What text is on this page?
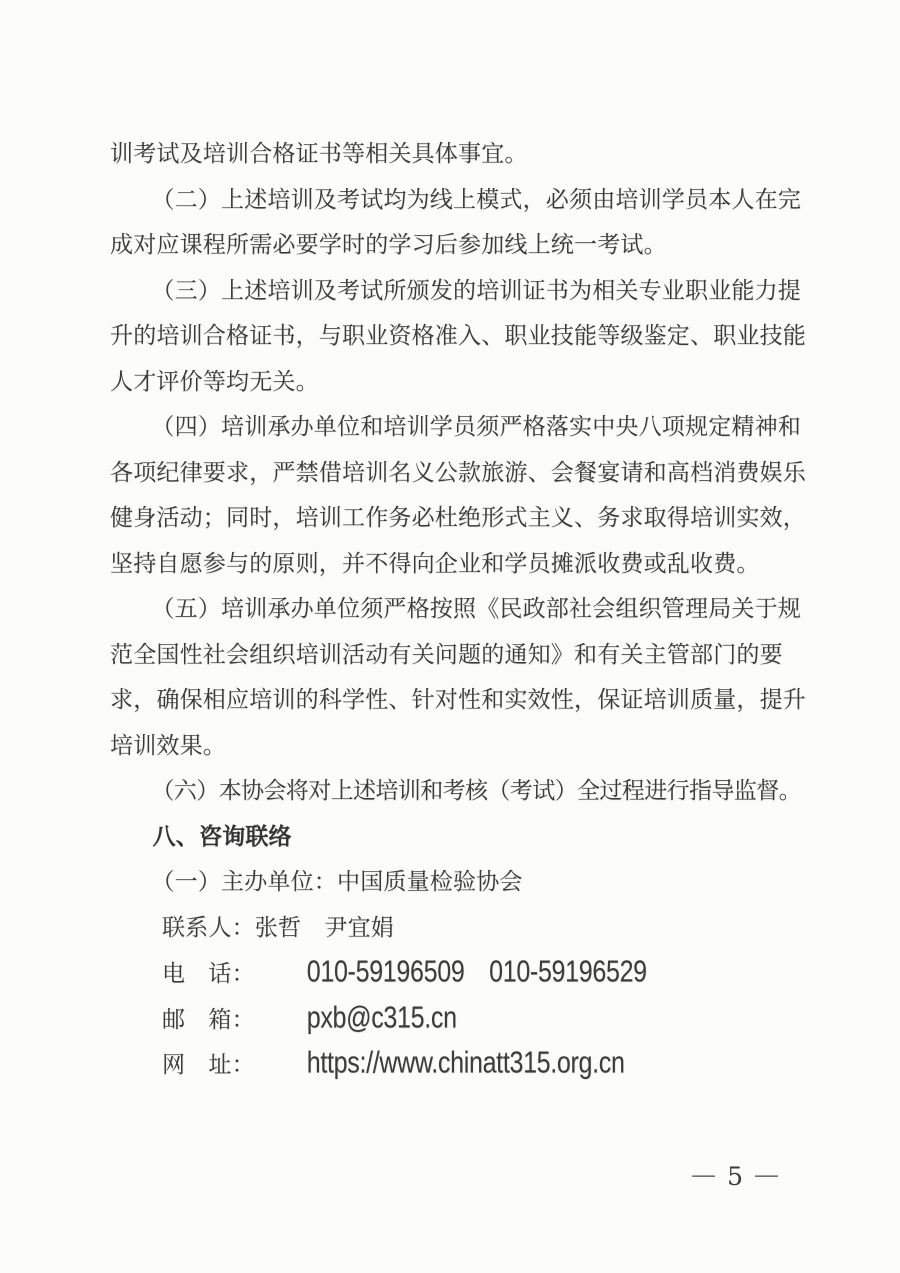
训考试及培训合格证书等相关具体事宜。
（二）上述培训及考试均为线上模式，必须由培训学员本人在完
成对应课程所需必要学时的学习后参加线上统一考试。
（三）上述培训及考试所颁发的培训证书为相关专业职业能力提
升的培训合格证书，与职业资格准入、职业技能等级鉴定、职业技能
人才评价等均无关。
（四）培训承办单位和培训学员须严格落实中央八项规定精神和
各项纪律要求，严禁借培训名义公款旅游、会餐宴请和高档消费娱乐
健身活动；同时，培训工作务必杜绝形式主义、务求取得培训实效，
坚持自愿参与的原则，并不得向企业和学员摊派收费或乱收费。
（五）培训承办单位须严格按照《民政部社会组织管理局关于规
范全国性社会组织培训活动有关问题的通知》和有关主管部门的要
求，确保相应培训的科学性、针对性和实效性，保证培训质量，提升
培训效果。
（六）本协会将对上述培训和考核（考试）全过程进行指导监督。
八、咨询联络
（一）主办单位：中国质量检验协会
联系人：张哲　尹宜娟
电　话： 010-59196509　010-59196529
邮　箱： pxb@c315.cn
网　址： https://www.chinatt315.org.cn
— 5 —
